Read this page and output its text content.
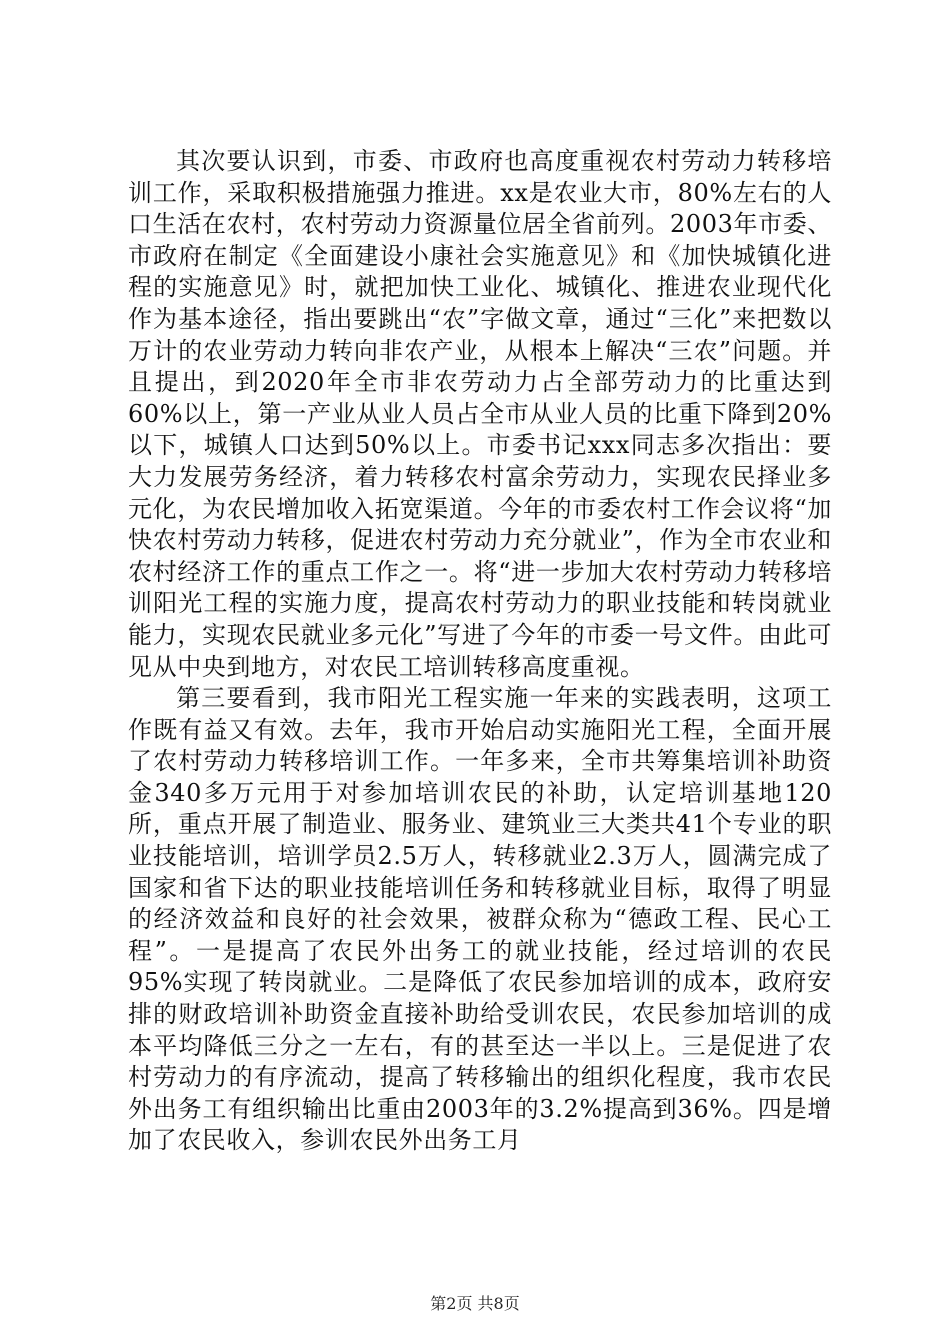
其次要认识到，市委、市政府也高度重视农村劳动力转移培训工作，采取积极措施强力推进。xx是农业大市，80%左右的人口生活在农村，农村劳动力资源量位居全省前列。2003年市委、市政府在制定《全面建设小康社会实施意见》和《加快城镇化进程的实施意见》时，就把加快工业化、城镇化、推进农业现代化作为基本途径，指出要跳出“农”字做文章，通过“三化”来把数以万计的农业劳动力转向非农产业，从根本上解决“三农”问题。并且提出，到2020年全市非农劳动力占全部劳动力的比重达到60%以上，第一产业从业人员占全市从业人员的比重下降到20%以下，城镇人口达到50%以上。市委书记xxx同志多次指出：要大力发展劳务经济，着力转移农村富余劳动力，实现农民择业多元化，为农民增加收入拓宽渠道。今年的市委农村工作会议将“加快农村劳动力转移，促进农村劳动力充分就业”，作为全市农业和农村经济工作的重点工作之一。将“进一步加大农村劳动力转移培训阳光工程的实施力度，提高农村劳动力的职业技能和转岗就业能力，实现农民就业多元化”写进了今年的市委一号文件。由此可见从中央到地方，对农民工培训转移高度重视。

第三要看到，我市阳光工程实施一年来的实践表明，这项工作既有益又有效。去年，我市开始启动实施阳光工程，全面开展了农村劳动力转移培训工作。一年多来，全市共筹集培训补助资金340多万元用于对参加培训农民的补助，认定培训基地120所，重点开展了制造业、服务业、建筑业三大类共41个专业的职业技能培训，培训学员2.5万人，转移就业2.3万人，圆满完成了国家和省下达的职业技能培训任务和转移就业目标，取得了明显的经济效益和良好的社会效果，被群众称为“德政工程、民心工程”。一是提高了农民外出务工的就业技能，经过培训的农民95%实现了转岗就业。二是降低了农民参加培训的成本，政府安排的财政培训补助资金直接补助给受训农民，农民参加培训的成本平均降低三分之一左右，有的甚至达一半以上。三是促进了农村劳动力的有序流动，提高了转移输出的组织化程度，我市农民外出务工有组织输出比重由2003年的3.2%提高到36%。四是增加了农民收入，参训农民外出务工月

第2页 共8页
